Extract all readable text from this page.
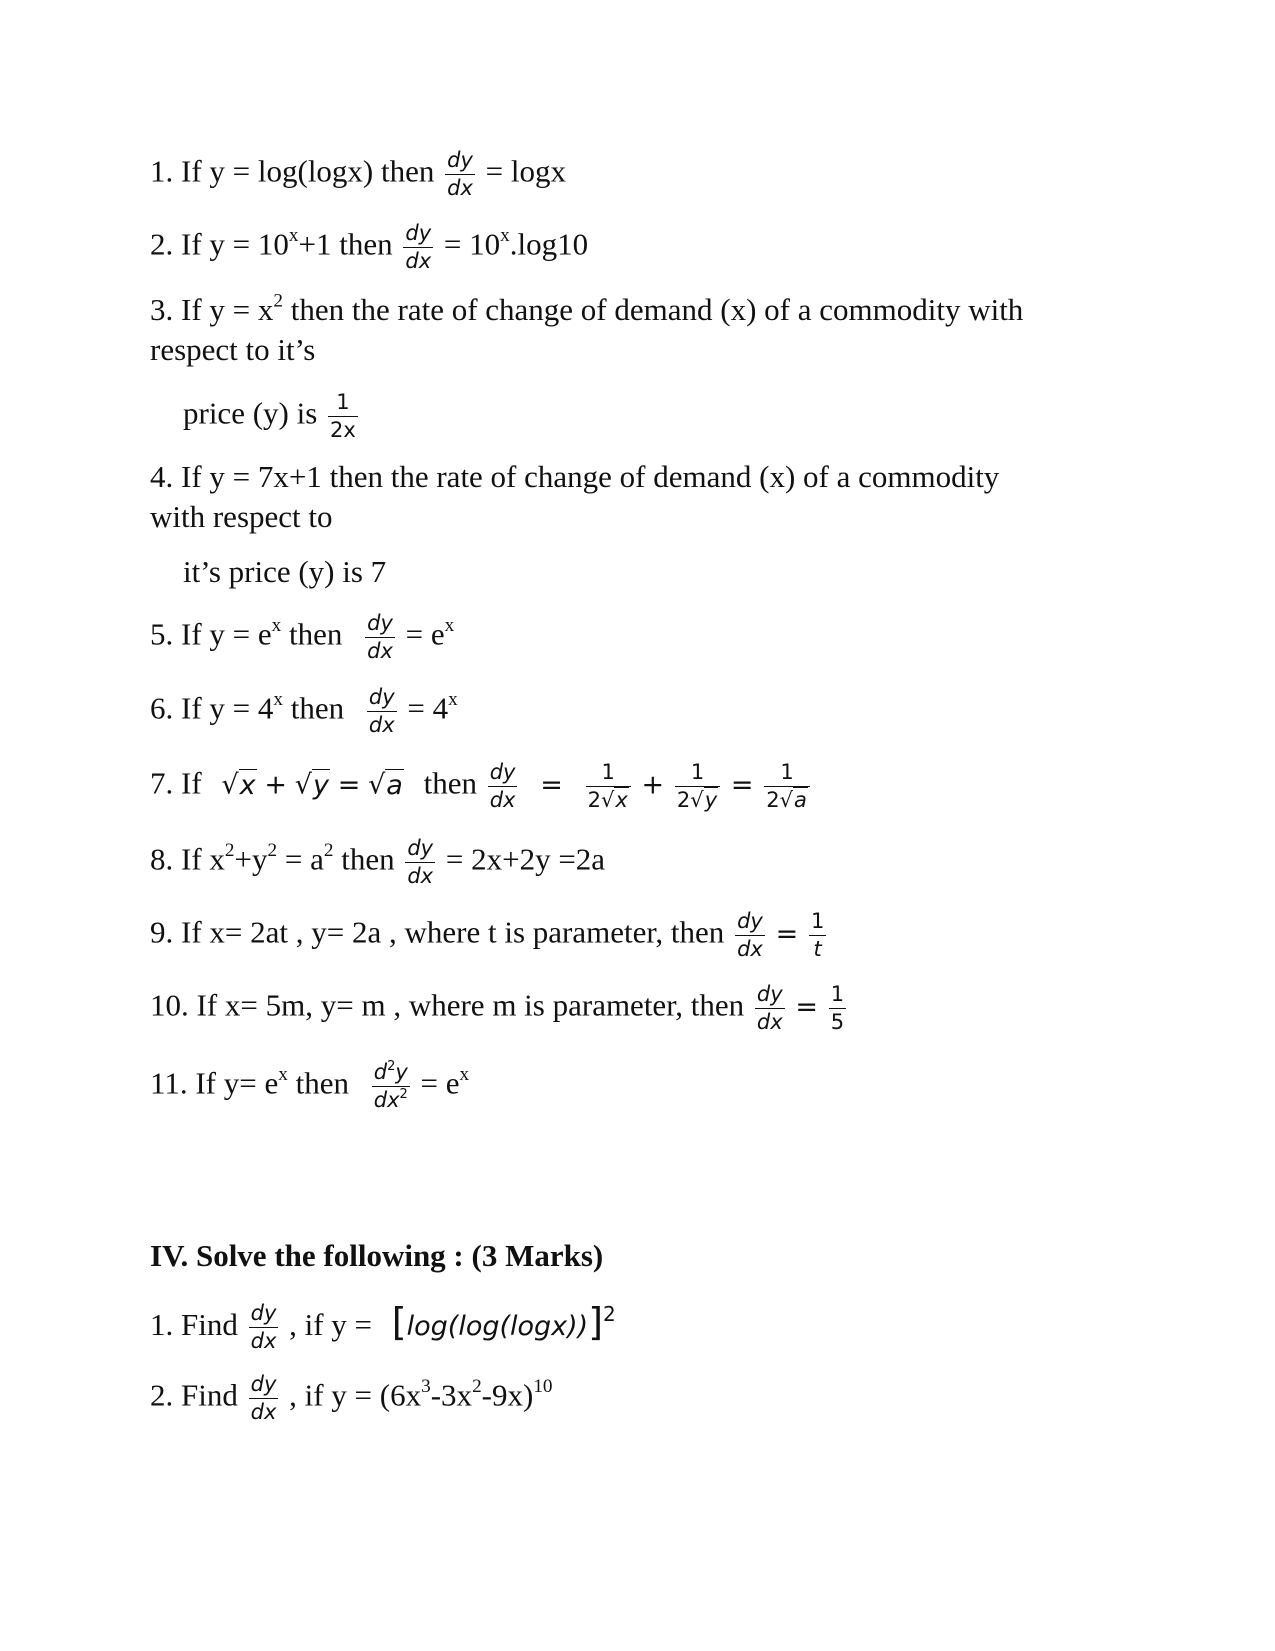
1. If y = log(logx) then $\frac{dy}{dx} = \log x$
2. If $y = 10^x+1$ then $\frac{dy}{dx} = 10^x.\log 10$
3. If $y = x^2$ then the rate of change of demand (x) of a commodity with
respect to it’s
price (y) is $\frac{1}{2x}$
4. If y = 7x+1 then the rate of change of demand (x) of a commodity
with respect to
it’s price (y) is 7
5. If $y = e^x$ then $\frac{dy}{dx} = e^x$
6. If $y = 4^x$ then $\frac{dy}{dx} = 4^x$
7. If √x + √y = √a then $\frac{dy}{dx} = \frac{1}{2√x} + \frac{1}{2√y} = \frac{1}{2√a}$
8. If $x^2+y^2 = a^2$ then $\frac{dy}{dx} = 2x+2y =2a$
9. If x= 2at , y= 2a , where t is parameter, then $\frac{dy}{dx} = \frac{1}{t}$
10. If x= 5m, y= m , where m is parameter, then $\frac{dy}{dx} = \frac{1}{5}$
11. If $y= e^x$ then $\frac{d^2y}{dx^2} = e^x$
IV. Solve the following : (3 Marks)
1. Find $\frac{dy}{dx}$ , if $y = [\log(\log(\log x))]^2$
2. Find $\frac{dy}{dx}$ , if $y = (6x^3-3x^2-9x)^{10}$
